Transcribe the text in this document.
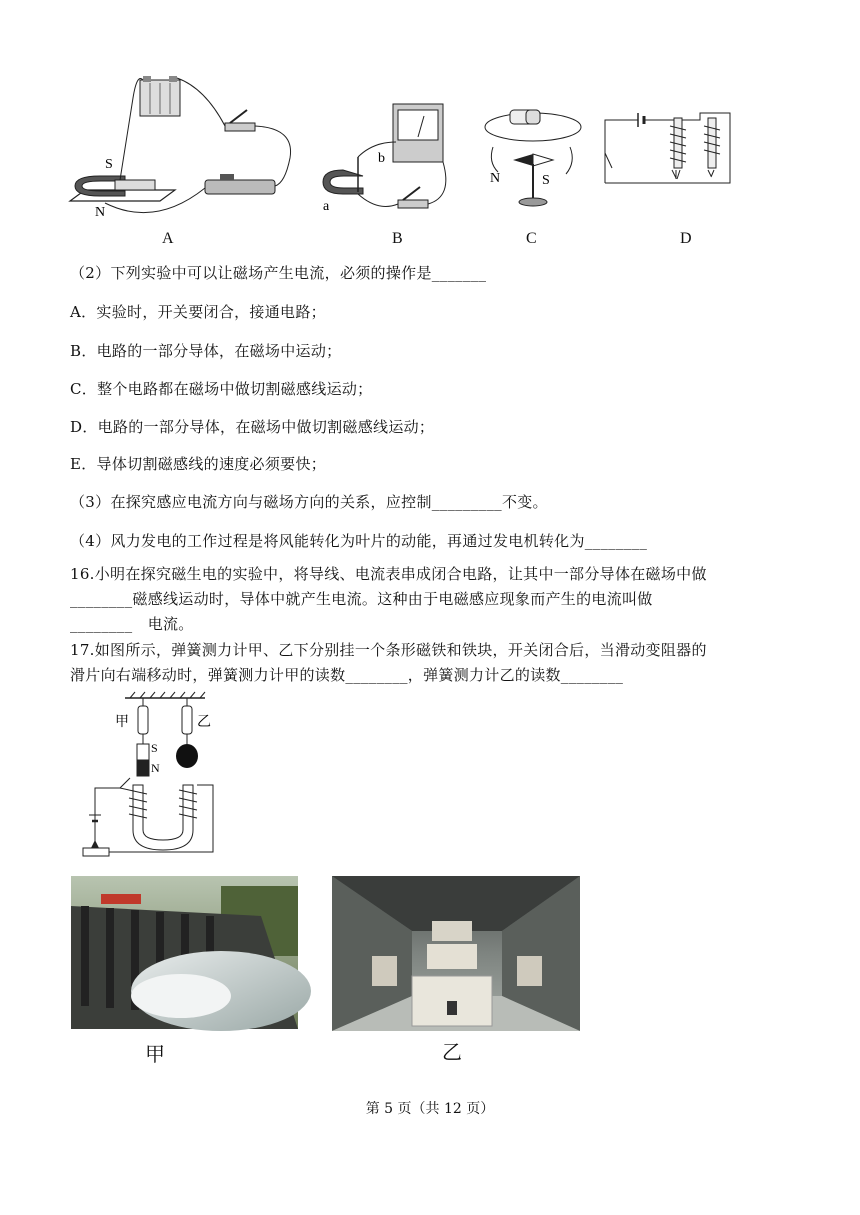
S
N	a
b
N	S
A	B	C	D
（2）下列实验中可以让磁场产生电流，必须的操作是_______
A．实验时，开关要闭合，接通电路；
B．电路的一部分导体，在磁场中运动；
C．整个电路都在磁场中做切割磁感线运动；
D．电路的一部分导体，在磁场中做切割磁感线运动；
E．导体切割磁感线的速度必须要快；
（3）在探究感应电流方向与磁场方向的关系，应控制_________不变。
（4）风力发电的工作过程是将风能转化为叶片的动能，再通过发电机转化为________
16.小明在探究磁生电的实验中，将导线、电流表串成闭合电路，让其中一部分导体在磁场中做
________磁感线运动时，导体中就产生电流。这种由于电磁感应现象而产生的电流叫做
________　电流。
17.如图所示，弹簧测力计甲、乙下分别挂一个条形磁铁和铁块，开关闭合后，当滑动变阻器的
滑片向右端移动时，弹簧测力计甲的读数________，弹簧测力计乙的读数________
甲	乙
S
N
甲	乙
第 5 页（共 12 页）
